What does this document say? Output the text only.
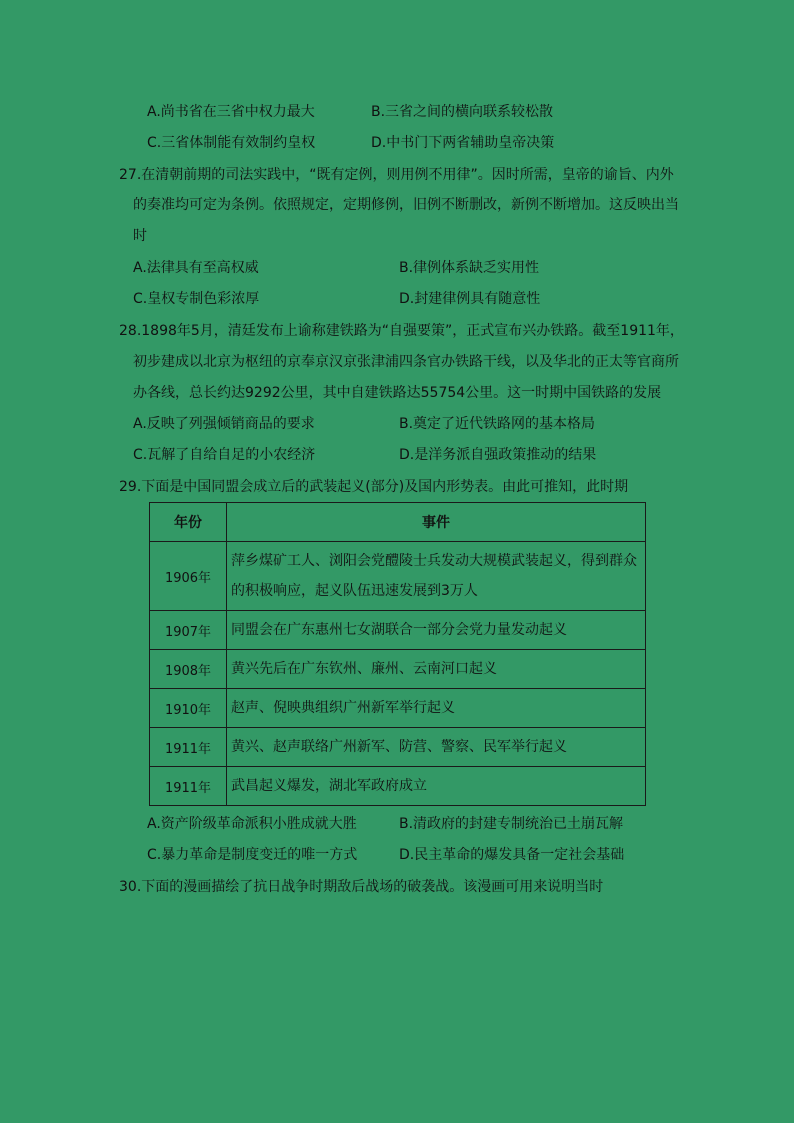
A.尚书省在三省中权力最大	B.三省之间的横向联系较松散
C.三省体制能有效制约皇权	D.中书门下两省辅助皇帝决策
27.在清朝前期的司法实践中，“既有定例，则用例不用律”。因时所需，皇帝的谕旨、内外
的奏准均可定为条例。依照规定，定期修例，旧例不断删改，新例不断增加。这反映出当
时
A.法律具有至高权威	B.律例体系缺乏实用性
C.皇权专制色彩浓厚	D.封建律例具有随意性
28.1898年5月，清廷发布上谕称建铁路为“自强要策”，正式宣布兴办铁路。截至1911年，
初步建成以北京为枢纽的京奉京汉京张津浦四条官办铁路干线，以及华北的正太等官商所
办各线，总长约达9292公里，其中自建铁路达55754公里。这一时期中国铁路的发展
A.反映了列强倾销商品的要求	B.奠定了近代铁路网的基本格局
C.瓦解了自给自足的小农经济	D.是洋务派自强政策推动的结果
29.下面是中国同盟会成立后的武装起义(部分)及国内形势表。由此可推知，此时期
年份	事件
1906年	萍乡煤矿工人、浏阳会党醴陵士兵发动大规模武装起义，得到群众
的积极响应，起义队伍迅速发展到3万人

1907年	同盟会在广东惠州七女湖联合一部分会党力量发动起义
1908年	黄兴先后在广东钦州、廉州、云南河口起义
1910年	赵声、倪映典组织广州新军举行起义
1911年	黄兴、赵声联络广州新军、防营、警察、民军举行起义
1911年	武昌起义爆发，湖北军政府成立
A.资产阶级革命派积小胜成就大胜	B.清政府的封建专制统治已土崩瓦解
C.暴力革命是制度变迁的唯一方式	D.民主革命的爆发具备一定社会基础
30.下面的漫画描绘了抗日战争时期敌后战场的破袭战。该漫画可用来说明当时
